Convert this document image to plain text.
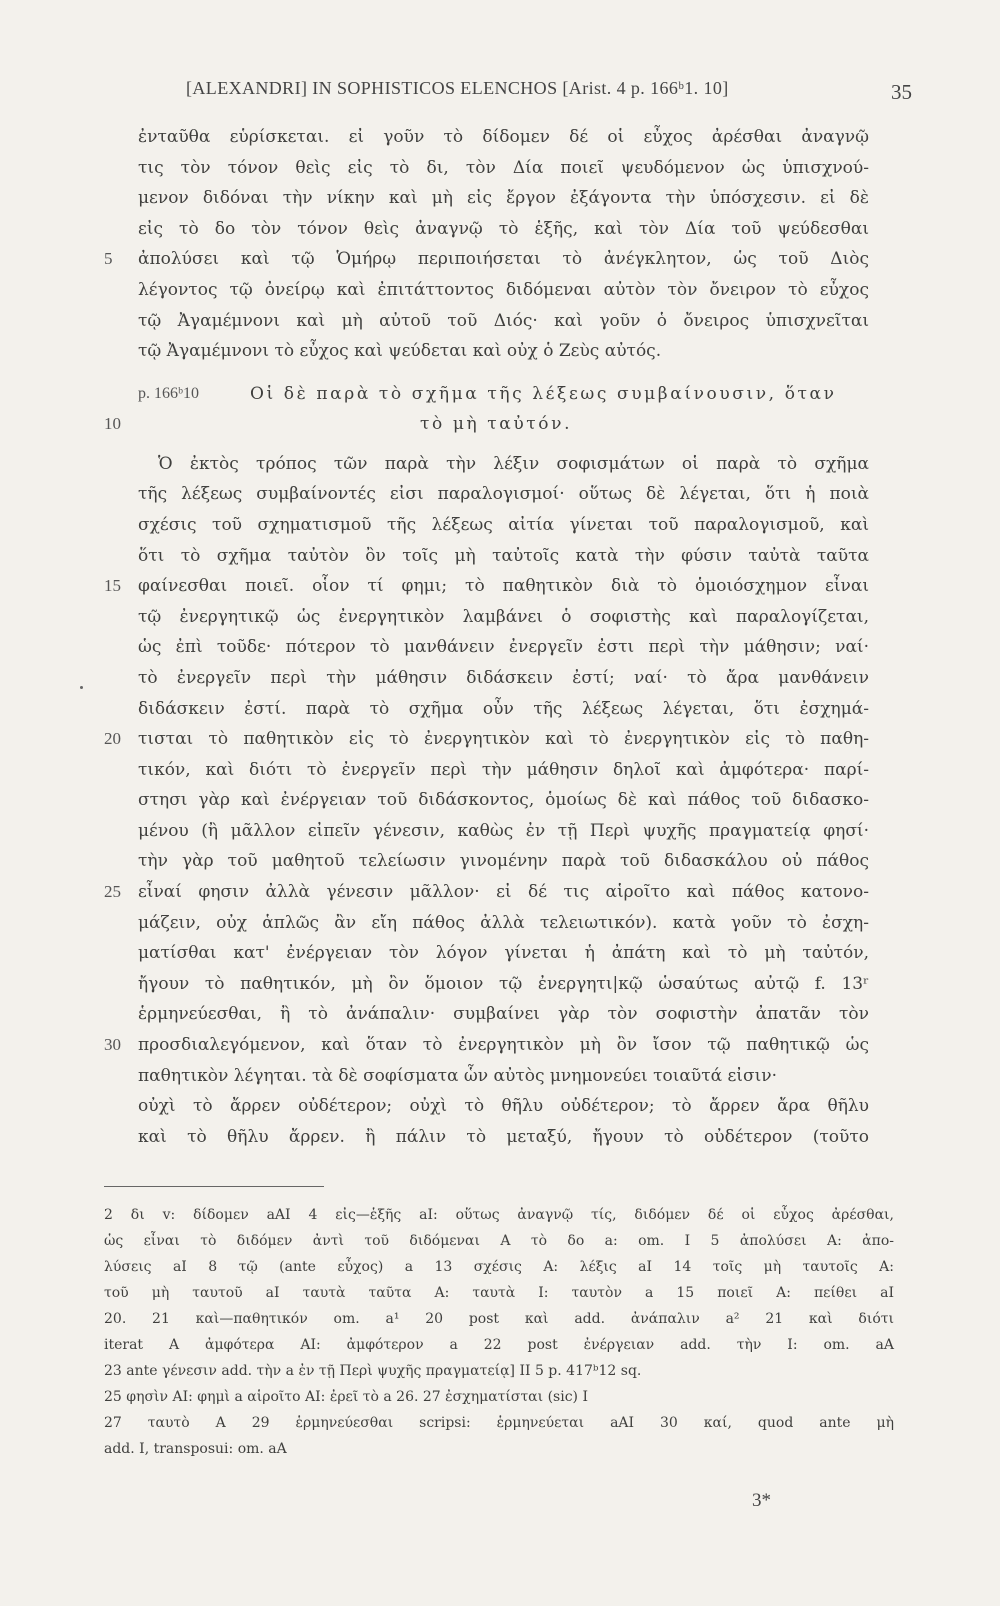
[ALEXANDRI] IN SOPHISTICOS ELENCHOS [Arist. 4 p. 166ᵇ1. 10]	35
ἐνταῦθα εὑρίσκεται. εἰ γοῦν τὸ δίδομεν δέ οἱ εὖχος ἀρέσθαι ἀναγνῷ
τις τὸν τόνον θεὶς εἰς τὸ δι, τὸν Δία ποιεῖ ψευδόμενον ὡς ὑπισχνού-
μενον διδόναι τὴν νίκην καὶ μὴ εἰς ἔργον ἐξάγοντα τὴν ὑπόσχεσιν. εἰ δὲ
εἰς τὸ δο τὸν τόνον θεὶς ἀναγνῷ τὸ ἑξῆς, καὶ τὸν Δία τοῦ ψεύδεσθαι
5 ἀπολύσει καὶ τῷ Ὁμήρῳ περιποιήσεται τὸ ἀνέγκλητον, ὡς τοῦ Διὸς
λέγοντος τῷ ὀνείρῳ καὶ ἐπιτάττοντος διδόμεναι αὐτὸν τὸν ὄνειρον τὸ εὖχος
τῷ Ἀγαμέμνονι καὶ μὴ αὐτοῦ τοῦ Διός· καὶ γοῦν ὁ ὄνειρος ὑπισχνεῖται
τῷ Ἀγαμέμνονι τὸ εὖχος καὶ ψεύδεται καὶ οὐχ ὁ Ζεὺς αὐτός.
p. 166ᵇ10	Οἱ δὲ παρὰ τὸ σχῆμα τῆς λέξεως συμβαίνουσιν, ὅταν
10	τὸ μὴ ταὐτόν.
Ὁ ἐκτὸς τρόπος τῶν παρὰ τὴν λέξιν σοφισμάτων οἱ παρὰ τὸ σχῆμα
τῆς λέξεως συμβαίνοντές εἰσι παραλογισμοί· οὕτως δὲ λέγεται, ὅτι ἡ ποιὰ
σχέσις τοῦ σχηματισμοῦ τῆς λέξεως αἰτία γίνεται τοῦ παραλογισμοῦ, καὶ
ὅτι τὸ σχῆμα ταὐτὸν ὂν τοῖς μὴ ταὐτοῖς κατὰ τὴν φύσιν ταὐτὰ ταῦτα
15 φαίνεσθαι ποιεῖ. οἷον τί φημι; τὸ παθητικὸν διὰ τὸ ὁμοιόσχημον εἶναι
τῷ ἐνεργητικῷ ὡς ἐνεργητικὸν λαμβάνει ὁ σοφιστὴς καὶ παραλογίζεται,
ὡς ἐπὶ τοῦδε· πότερον τὸ μανθάνειν ἐνεργεῖν ἐστι περὶ τὴν μάθησιν; ναί·
τὸ ἐνεργεῖν περὶ τὴν μάθησιν διδάσκειν ἐστί; ναί· τὸ ἄρα μανθάνειν
διδάσκειν ἐστί. παρὰ τὸ σχῆμα οὖν τῆς λέξεως λέγεται, ὅτι ἐσχημά-
20 τισται τὸ παθητικὸν εἰς τὸ ἐνεργητικὸν καὶ τὸ ἐνεργητικὸν εἰς τὸ παθη-
τικόν, καὶ διότι τὸ ἐνεργεῖν περὶ τὴν μάθησιν δηλοῖ καὶ ἀμφότερα· παρί-
στησι γὰρ καὶ ἐνέργειαν τοῦ διδάσκοντος, ὁμοίως δὲ καὶ πάθος τοῦ διδασκο-
μένου (ἢ μᾶλλον εἰπεῖν γένεσιν, καθὼς ἐν τῇ Περὶ ψυχῆς πραγματείᾳ φησί·
τὴν γὰρ τοῦ μαθητοῦ τελείωσιν γινομένην παρὰ τοῦ διδασκάλου οὐ πάθος
25 εἶναί φησιν ἀλλὰ γένεσιν μᾶλλον· εἰ δέ τις αἱροῖτο καὶ πάθος κατονο-
μάζειν, οὐχ ἁπλῶς ἂν εἴη πάθος ἀλλὰ τελειωτικόν). κατὰ γοῦν τὸ ἐσχη-
ματίσθαι κατ' ἐνέργειαν τὸν λόγον γίνεται ἡ ἀπάτη καὶ τὸ μὴ ταὐτόν,
ἤγουν τὸ παθητικόν, μὴ ὂν ὅμοιον τῷ ἐνεργητι|κῷ ὡσαύτως αὐτῷ f. 13ʳ
ἑρμηνεύεσθαι, ἢ τὸ ἀνάπαλιν· συμβαίνει γὰρ τὸν σοφιστὴν ἀπατᾶν τὸν
30 προσδιαλεγόμενον, καὶ ὅταν τὸ ἐνεργητικὸν μὴ ὂν ἴσον τῷ παθητικῷ ὡς
παθητικὸν λέγηται. τὰ δὲ σοφίσματα ὧν αὐτὸς μνημονεύει τοιαῦτά εἰσιν·
οὐχὶ τὸ ἄρρεν οὐδέτερον; οὐχὶ τὸ θῆλυ οὐδέτερον; τὸ ἄρρεν ἄρα θῆλυ
καὶ τὸ θῆλυ ἄρρεν. ἢ πάλιν τὸ μεταξύ, ἤγουν τὸ οὐδέτερον (τοῦτο
2 δι v: δίδομεν aAI 4 εἰς—ἑξῆς aI: οὕτως ἀναγνῷ τίς, διδόμεν δέ οἱ εὖχος ἀρέσθαι,
ὡς εἶναι τὸ διδόμεν ἀντὶ τοῦ διδόμεναι A τὸ δο a: om. I 5 ἀπολύσει A: ἀπο-
λύσεις aI 8 τῷ (ante εὖχος) a 13 σχέσις A: λέξις aI 14 τοῖς μὴ ταυτοῖς A:
τοῦ μὴ ταυτοῦ aI ταυτὰ ταῦτα A: ταυτὰ I: ταυτὸν a 15 ποιεῖ A: πείθει aI
20. 21 καὶ—παθητικόν om. a¹ 20 post καὶ add. ἀνάπαλιν a² 21 καὶ διότι
iterat A ἀμφότερα AI: ἀμφότερον a 22 post ἐνέργειαν add. τὴν I: om. aA
23 ante γένεσιν add. τὴν a ἐν τῇ Περὶ ψυχῆς πραγματείᾳ] II 5 p. 417ᵇ12 sq.
25 φησὶν AI: φημὶ a αἱροῖτο AI: ἐρεῖ τὸ a 26. 27 ἐσχηματίσται (sic) I
27 ταυτὸ A 29 ἑρμηνεύεσθαι scripsi: ἑρμηνεύεται aAI 30 καί, quod ante μὴ
add. I, transposui: om. aA
3*
